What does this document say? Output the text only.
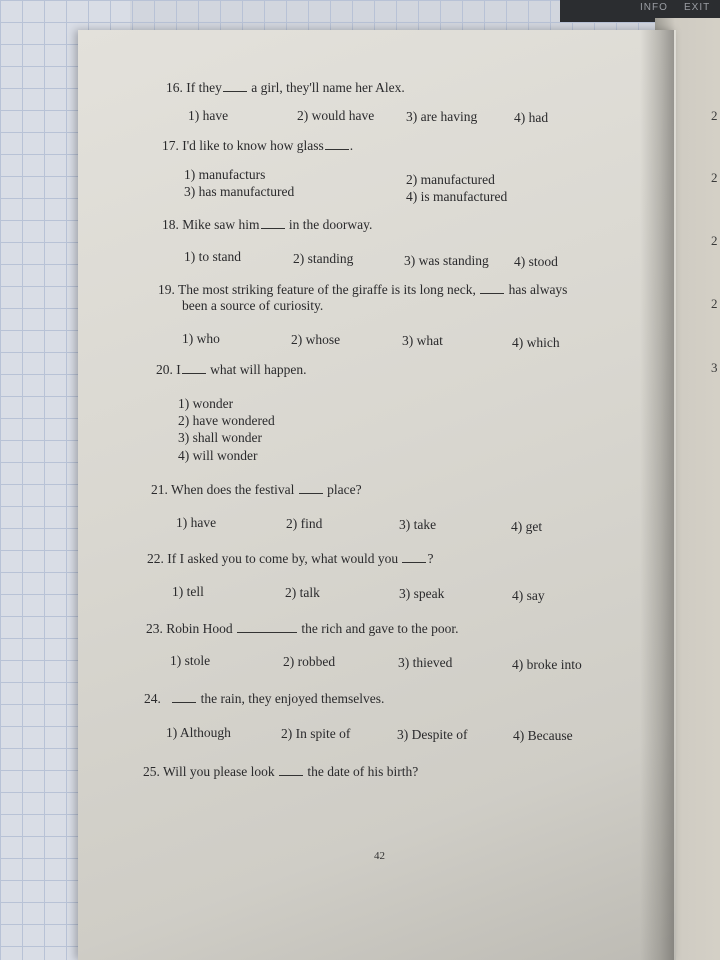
INFO EXIT
2
2
2
2
3
16. If they a girl, they'll name her Alex.
1) have	2) would have 3) are having	4) had
17. I'd like to know how glass .
1) manufacturs	2) manufactured
3) has manufactured	4) is manufactured
18. Mike saw him in the doorway.
1) to stand	2) standing	3) was standing 4) stood
19. The most striking feature of the giraffe is its long neck, has always
been a source of curiosity.
1) who	2) whose	3) what	4) which
20. I what will happen.
1) wonder
2) have wondered
3) shall wonder
4) will wonder
21. When does the festival place?
1) have	2) find	3) take	4) get
22. If I asked you to come by, what would you ?
1) tell	2) talk	3) speak	4) say
23. Robin Hood	the rich and gave to the poor.
1) stole	2) robbed	3) thieved	4) broke into
24.	the rain, they enjoyed themselves.
1) Although	2) In spite of	3) Despite of	4) Because
25. Will you please look the date of his birth?
42
